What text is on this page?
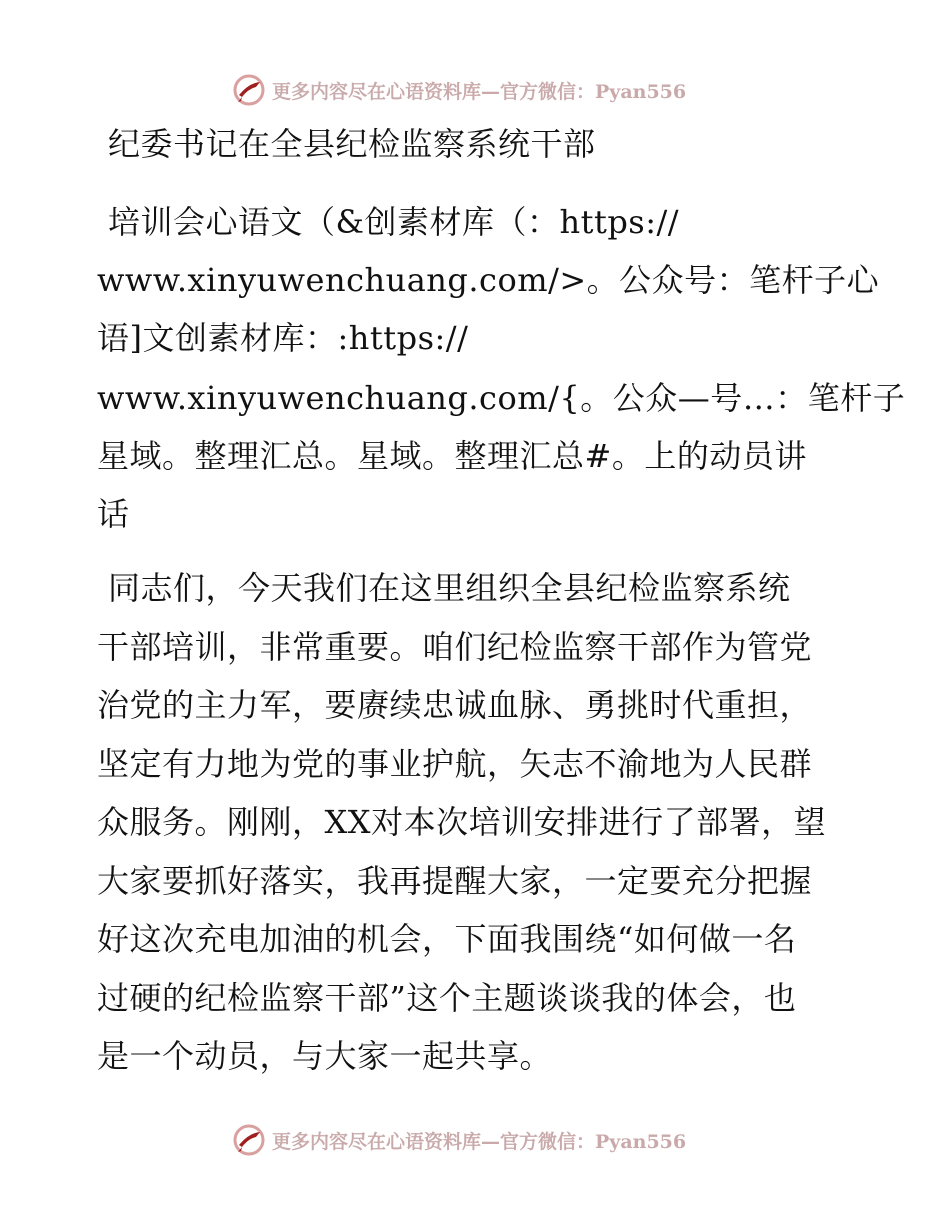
更多内容尽在心语资料库—官方微信：Pyan556
纪委书记在全县纪检监察系统干部
培训会心语文（&创素材库（：https://
www.xinyuwenchuang.com/>。公众号：笔杆子心
语]文创素材库：:https://
www.xinyuwenchuang.com/{。公众—号…：笔杆子
星域。整理汇总。星域。整理汇总#。上的动员讲
话
同志们，今天我们在这里组织全县纪检监察系统
干部培训，非常重要。咱们纪检监察干部作为管党
治党的主力军，要赓续忠诚血脉、勇挑时代重担，
坚定有力地为党的事业护航，矢志不渝地为人民群
众服务。刚刚，XX对本次培训安排进行了部署，望
大家要抓好落实，我再提醒大家，一定要充分把握
好这次充电加油的机会，下面我围绕“如何做一名
过硬的纪检监察干部”这个主题谈谈我的体会，也
是一个动员，与大家一起共享。
更多内容尽在心语资料库—官方微信：Pyan556
